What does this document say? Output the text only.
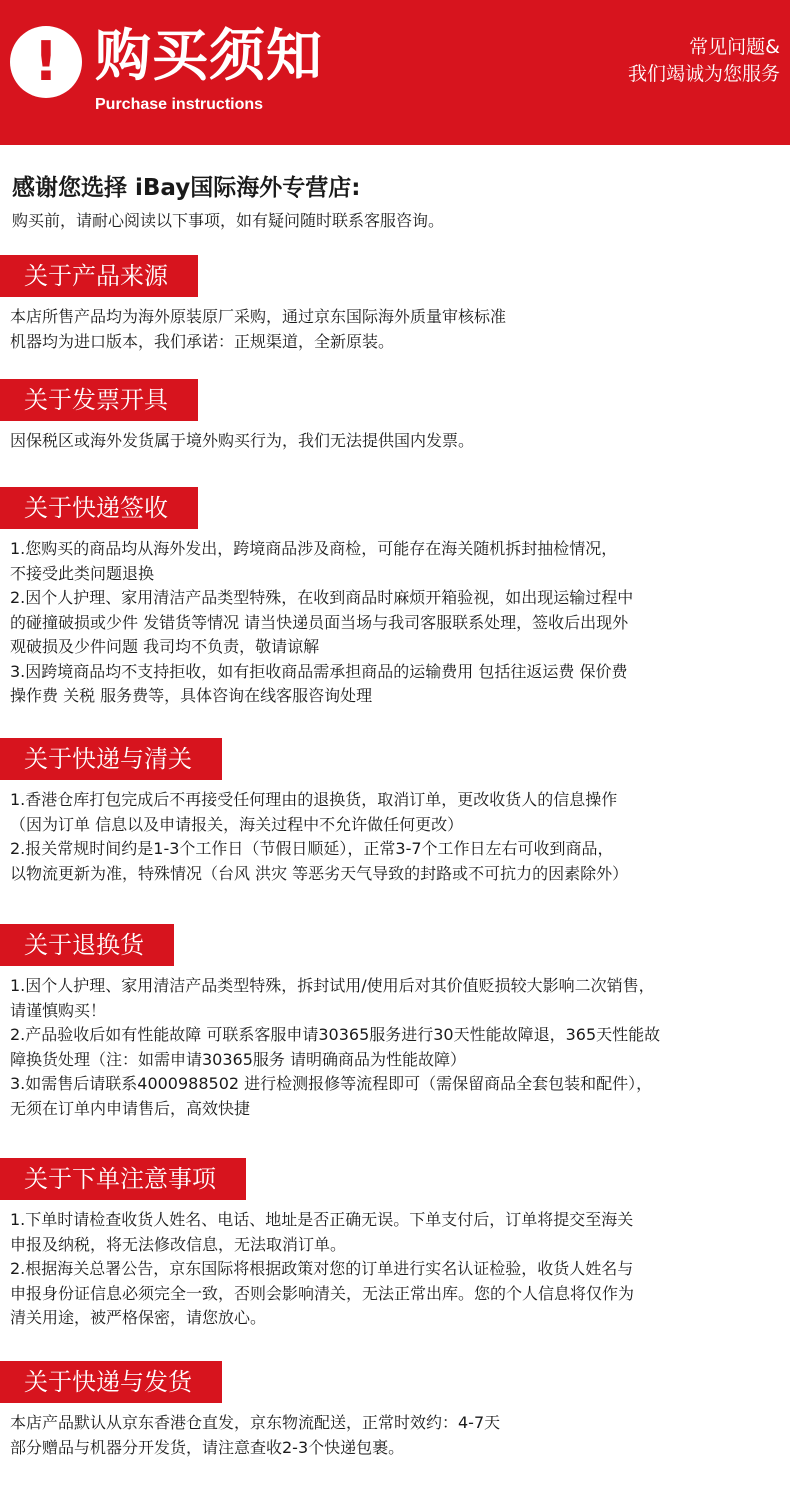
! 购买须知
Purchase instructions
常见问题&
我们竭诚为您服务
感谢您选择 iBay国际海外专营店:
购买前，请耐心阅读以下事项，如有疑问随时联系客服咨询。
关于产品来源

本店所售产品均为海外原装原厂采购，通过京东国际海外质量审核标准

机器均为进口版本，我们承诺：正规渠道，全新原装。

关于发票开具

因保税区或海外发货属于境外购买行为，我们无法提供国内发票。

关于快递签收

1.您购买的商品均从海外发出，跨境商品涉及商检，可能存在海关随机拆封抽检情况，

不接受此类问题退换

2.因个人护理、家用清洁产品类型特殊，在收到商品时麻烦开箱验视，如出现运输过程中

的碰撞破损或少件 发错货等情况 请当快递员面当场与我司客服联系处理，签收后出现外

观破损及少件问题 我司均不负责，敬请谅解

3.因跨境商品均不支持拒收，如有拒收商品需承担商品的运输费用 包括往返运费 保价费

操作费 关税 服务费等，具体咨询在线客服咨询处理

关于快递与清关

1.香港仓库打包完成后不再接受任何理由的退换货，取消订单，更改收货人的信息操作

（因为订单 信息以及申请报关，海关过程中不允许做任何更改）

2.报关常规时间约是1-3个工作日（节假日顺延），正常3-7个工作日左右可收到商品，

以物流更新为准，特殊情况（台风 洪灾 等恶劣天气导致的封路或不可抗力的因素除外）

关于退换货

1.因个人护理、家用清洁产品类型特殊，拆封试用/使用后对其价值贬损较大影响二次销售，

请谨慎购买！

2.产品验收后如有性能故障 可联系客服申请30365服务进行30天性能故障退，365天性能故

障换货处理（注：如需申请30365服务 请明确商品为性能故障）

3.如需售后请联系4000988502 进行检测报修等流程即可（需保留商品全套包装和配件），

无须在订单内申请售后，高效快捷

关于下单注意事项

1.下单时请检查收货人姓名、电话、地址是否正确无误。下单支付后，订单将提交至海关

申报及纳税，将无法修改信息，无法取消订单。

2.根据海关总署公告，京东国际将根据政策对您的订单进行实名认证检验，收货人姓名与

申报身份证信息必须完全一致，否则会影响清关，无法正常出库。您的个人信息将仅作为

清关用途，被严格保密，请您放心。

关于快递与发货

本店产品默认从京东香港仓直发，京东物流配送，正常时效约：4-7天

部分赠品与机器分开发货，请注意查收2-3个快递包裹。
